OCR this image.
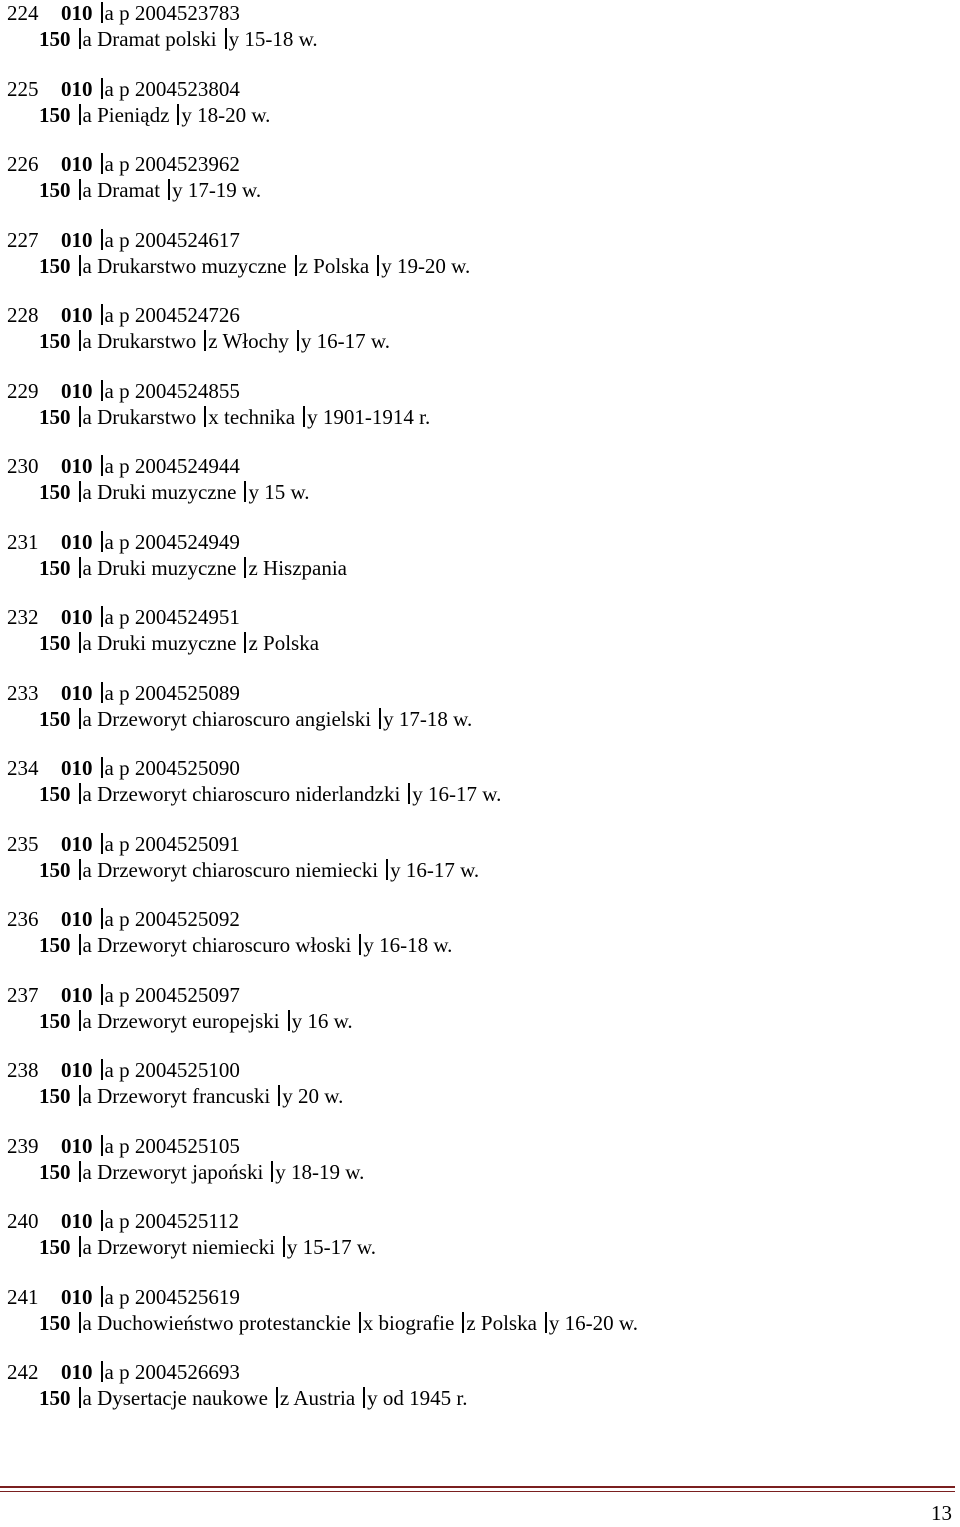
224 010 a p 2004523783
150 a Dramat polski y 15-18 w.
225 010 a p 2004523804
150 a Pieniądz y 18-20 w.
226 010 a p 2004523962
150 a Dramat y 17-19 w.
227 010 a p 2004524617
150 a Drukarstwo muzyczne z Polska y 19-20 w.
228 010 a p 2004524726
150 a Drukarstwo z Włochy y 16-17 w.
229 010 a p 2004524855
150 a Drukarstwo x technika y 1901-1914 r.
230 010 a p 2004524944
150 a Druki muzyczne y 15 w.
231 010 a p 2004524949
150 a Druki muzyczne z Hiszpania
232 010 a p 2004524951
150 a Druki muzyczne z Polska
233 010 a p 2004525089
150 a Drzeworyt chiaroscuro angielski y 17-18 w.
234 010 a p 2004525090
150 a Drzeworyt chiaroscuro niderlandzki y 16-17 w.
235 010 a p 2004525091
150 a Drzeworyt chiaroscuro niemiecki y 16-17 w.
236 010 a p 2004525092
150 a Drzeworyt chiaroscuro włoski y 16-18 w.
237 010 a p 2004525097
150 a Drzeworyt europejski y 16 w.
238 010 a p 2004525100
150 a Drzeworyt francuski y 20 w.
239 010 a p 2004525105
150 a Drzeworyt japoński y 18-19 w.
240 010 a p 2004525112
150 a Drzeworyt niemiecki y 15-17 w.
241 010 a p 2004525619
150 a Duchowieństwo protestanckie x biografie z Polska y 16-20 w.
242 010 a p 2004526693
150 a Dysertacje naukowe z Austria y od 1945 r.
13
